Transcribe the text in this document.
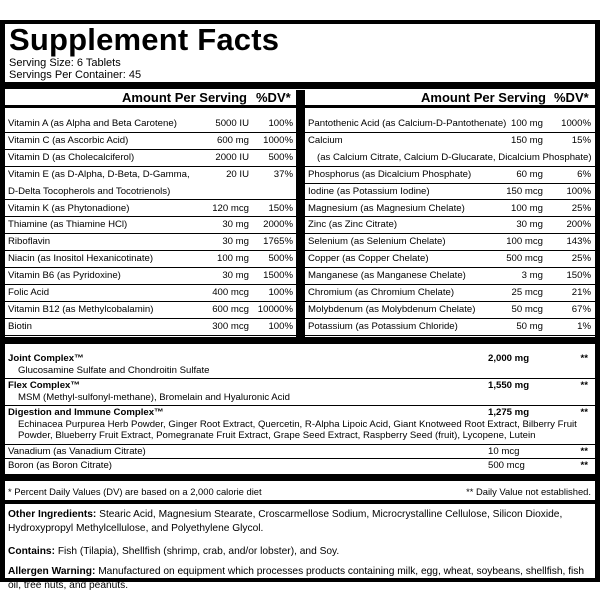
Supplement Facts
Serving Size: 6 Tablets
Servings Per Container: 45
Amount Per Serving %DV*	Amount Per Serving %DV*
Vitamin A (as Alpha and Beta Carotene)	5000 IU 100%
Vitamin C (as Ascorbic Acid)	600 mg 1000%
Vitamin D (as Cholecalciferol)	2000 IU 500%
Vitamin E (as D-Alpha, D-Beta, D-Gamma,	20 IU	37%
D-Delta Tocopherols and Tocotrienols)
Vitamin K (as Phytonadione)	120 mcg 150%
Thiamine (as Thiamine HCl)	30 mg 2000%
Riboflavin	30 mg 1765%
Niacin (as Inositol Hexanicotinate)	100 mg 500%
Vitamin B6 (as Pyridoxine)	30 mg 1500%
Folic Acid	400 mcg 100%
Vitamin B12 (as Methylcobalamin)	600 mcg 10000%
Biotin	300 mcg 100%
Pantothenic Acid (as Calcium-D-Pantothenate) 100 mg 1000%
Calcium	150 mg	15%
(as Calcium Citrate, Calcium D-Glucarate, Dicalcium Phosphate)
Phosphorus (as Dicalcium Phosphate)	60 mg	6%
Iodine (as Potassium Iodine)	150 mcg 100%
Magnesium (as Magnesium Chelate)	100 mg	25%
Zinc (as Zinc Citrate)	30 mg 200%
Selenium (as Selenium Chelate)	100 mcg 143%
Copper (as Copper Chelate)	500 mcg	25%
Manganese (as Manganese Chelate)	3 mg 150%
Chromium (as Chromium Chelate)	25 mcg	21%
Molybdenum (as Molybdenum Chelate)	50 mcg	67%
Potassium (as Potassium Chloride)	50 mg	1%
Joint Complex™	2,000 mg	**
Glucosamine Sulfate and Chondroitin Sulfate
Flex Complex™	1,550 mg	**
MSM (Methyl-sulfonyl-methane), Bromelain and Hyaluronic Acid
Digestion and Immune Complex™	1,275 mg	**
Echinacea Purpurea Herb Powder, Ginger Root Extract, Quercetin, R-Alpha Lipoic Acid, Giant Knotweed Root Extract, Bilberry Fruit Powder, Blueberry Fruit Extract, Pomegranate Fruit Extract, Grape Seed Extract, Raspberry Seed (fruit), Lycopene, Lutein
Vanadium (as Vanadium Citrate)	10 mcg	**
Boron (as Boron Citrate)	500 mcg	**
* Percent Daily Values (DV) are based on a 2,000 calorie diet	** Daily Value not established.
Other Ingredients: Stearic Acid, Magnesium Stearate, Croscarmellose Sodium, Microcrystalline Cellulose, Silicon Dioxide, Hydroxypropyl Methylcellulose, and Polyethylene Glycol.
Contains: Fish (Tilapia), Shellfish (shrimp, crab, and/or lobster), and Soy.
Allergen Warning: Manufactured on equipment which processes products containing milk, egg, wheat, soybeans, shellfish, fish oil, tree nuts, and peanuts.
